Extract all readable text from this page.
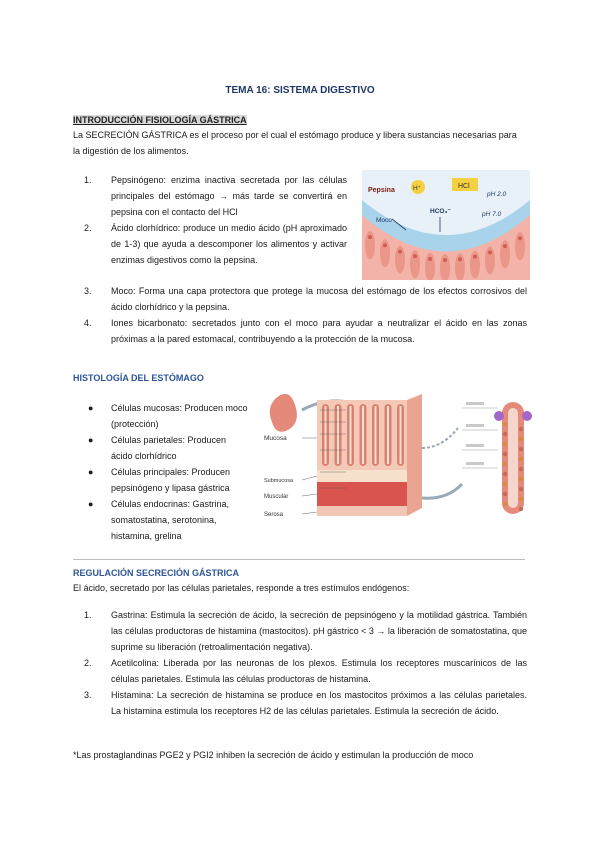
TEMA 16: SISTEMA DIGESTIVO
INTRODUCCIÓN FISIOLOGÍA GÁSTRICA
La SECRECIÓN GÁSTRICA es el proceso por el cual el estómago produce y libera sustancias necesarias para la digestión de los alimentos.
1. Pepsinógeno: enzima inactiva secretada por las células principales del estómago → más tarde se convertirá en pepsina con el contacto del HCl
2. Ácido clorhídrico: produce un medio ácido (pH aproximado de 1-3) que ayuda a descomponer los alimentos y activar enzimas digestivos como la pepsina.
3. Moco: Forma una capa protectora que protege la mucosa del estómago de los efectos corrosivos del ácido clorhídrico y la pepsina.
4. Iones bicarbonato: secretados junto con el moco para ayudar a neutralizar el ácido en las zonas próximas a la pared estomacal, contribuyendo a la protección de la mucosa.
Pepsina	H⁺	HCl
pH 2.0
HCO₃⁻	pH 7.0
Moco
HISTOLOGÍA DEL ESTÓMAGO
● Células mucosas: Producen moco (protección)
● Células parietales: Producen ácido clorhídrico
● Células principales: Producen pepsinógeno y lipasa gástrica
● Células endocrinas: Gastrina, somatostatina, serotonina, histamina, grelina
Mucosa
Submucosa
Muscular
Serosa
REGULACIÓN SECRECIÓN GÁSTRICA
El ácido, secretado por las células parietales, responde a tres estímulos endógenos:
1. Gastrina: Estimula la secreción de ácido, la secreción de pepsinógeno y la motilidad gástrica. También las células productoras de histamina (mastocitos). pH gástrico < 3 → la liberación de somatostatina, que suprime su liberación (retroalimentación negativa).
2. Acetilcolina: Liberada por las neuronas de los plexos. Estimula los receptores muscarínicos de las células parietales. Estimula las células productoras de histamina.
3. Histamina: La secreción de histamina se produce en los mastocitos próximos a las células parietales. La histamina estimula los receptores H2 de las células parietales. Estimula la secreción de ácido.
*Las prostaglandinas PGE2 y PGI2 inhiben la secreción de ácido y estimulan la producción de moco
